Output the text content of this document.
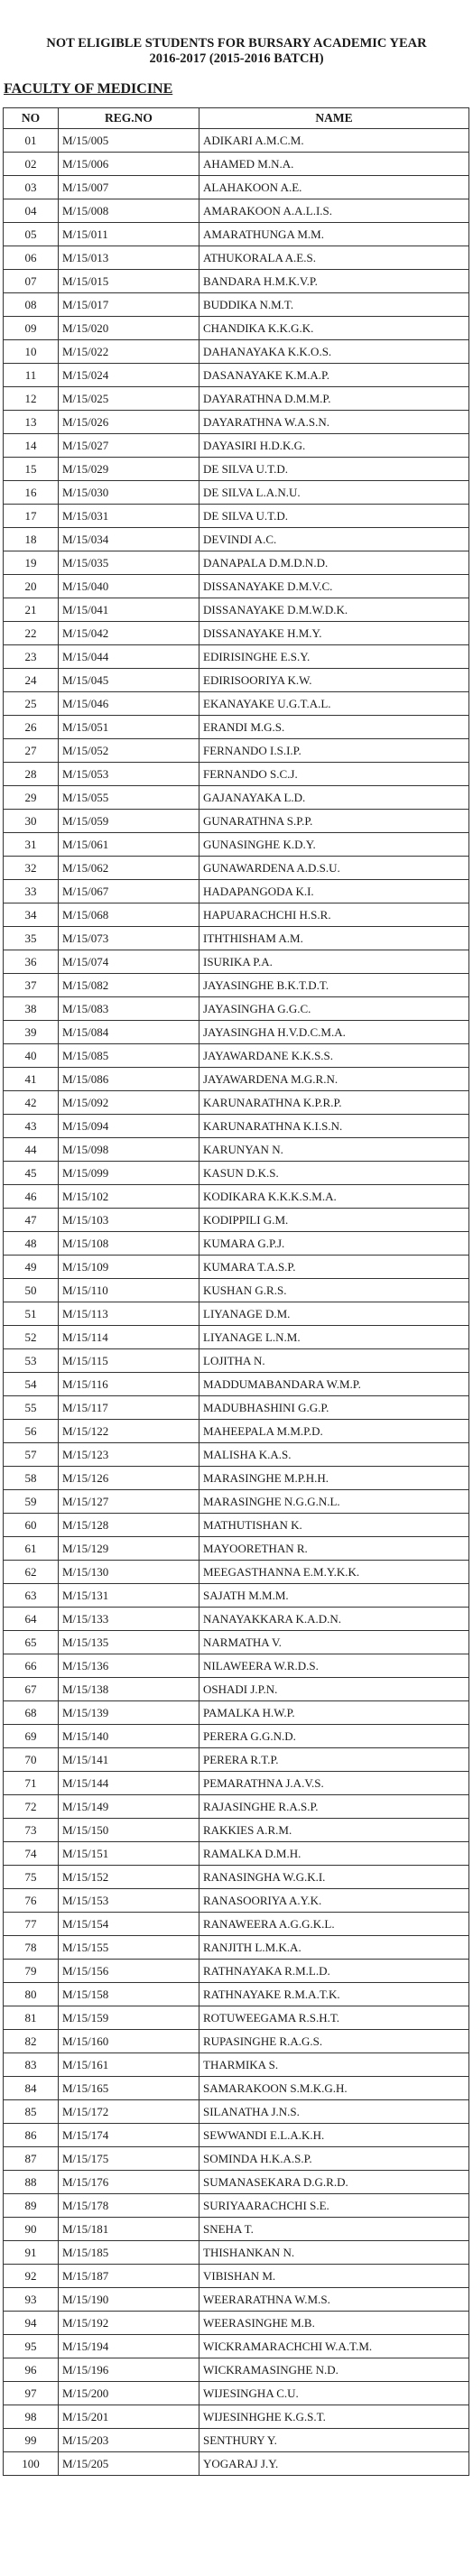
NOT ELIGIBLE STUDENTS FOR BURSARY ACADEMIC YEAR
2016-2017 (2015-2016 BATCH)
FACULTY OF MEDICINE
NO	REG.NO	NAME
01	M/15/005	ADIKARI A.M.C.M.
02	M/15/006	AHAMED M.N.A.
03	M/15/007	ALAHAKOON A.E.
04	M/15/008	AMARAKOON A.A.L.I.S.
05	M/15/011	AMARATHUNGA M.M.
06	M/15/013	ATHUKORALA A.E.S.
07	M/15/015	BANDARA H.M.K.V.P.
08	M/15/017	BUDDIKA N.M.T.
09	M/15/020	CHANDIKA K.K.G.K.
10	M/15/022	DAHANAYAKA K.K.O.S.
11	M/15/024	DASANAYAKE K.M.A.P.
12	M/15/025	DAYARATHNA D.M.M.P.
13	M/15/026	DAYARATHNA W.A.S.N.
14	M/15/027	DAYASIRI H.D.K.G.
15	M/15/029	DE SILVA U.T.D.
16	M/15/030	DE SILVA L.A.N.U.
17	M/15/031	DE SILVA U.T.D.
18	M/15/034	DEVINDI A.C.
19	M/15/035	DANAPALA D.M.D.N.D.
20	M/15/040	DISSANAYAKE D.M.V.C.
21	M/15/041	DISSANAYAKE D.M.W.D.K.
22	M/15/042	DISSANAYAKE H.M.Y.
23	M/15/044	EDIRISINGHE E.S.Y.
24	M/15/045	EDIRISOORIYA K.W.
25	M/15/046	EKANAYAKE U.G.T.A.L.
26	M/15/051	ERANDI M.G.S.
27	M/15/052	FERNANDO I.S.I.P.
28	M/15/053	FERNANDO S.C.J.
29	M/15/055	GAJANAYAKA L.D.
30	M/15/059	GUNARATHNA S.P.P.
31	M/15/061	GUNASINGHE K.D.Y.
32	M/15/062	GUNAWARDENA A.D.S.U.
33	M/15/067	HADAPANGODA K.I.
34	M/15/068	HAPUARACHCHI H.S.R.
35	M/15/073	ITHTHISHAM A.M.
36	M/15/074	ISURIKA P.A.
37	M/15/082	JAYASINGHE B.K.T.D.T.
38	M/15/083	JAYASINGHA G.G.C.
39	M/15/084	JAYASINGHA H.V.D.C.M.A.
40	M/15/085	JAYAWARDANE K.K.S.S.
41	M/15/086	JAYAWARDENA M.G.R.N.
42	M/15/092	KARUNARATHNA K.P.R.P.
43	M/15/094	KARUNARATHNA K.I.S.N.
44	M/15/098	KARUNYAN N.
45	M/15/099	KASUN D.K.S.
46	M/15/102	KODIKARA K.K.K.S.M.A.
47	M/15/103	KODIPPILI G.M.
48	M/15/108	KUMARA G.P.J.
49	M/15/109	KUMARA T.A.S.P.
50	M/15/110	KUSHAN G.R.S.
51	M/15/113	LIYANAGE D.M.
52	M/15/114	LIYANAGE L.N.M.
53	M/15/115	LOJITHA N.
54	M/15/116	MADDUMABANDARA W.M.P.
55	M/15/117	MADUBHASHINI G.G.P.
56	M/15/122	MAHEEPALA M.M.P.D.
57	M/15/123	MALISHA K.A.S.
58	M/15/126	MARASINGHE M.P.H.H.
59	M/15/127	MARASINGHE N.G.G.N.L.
60	M/15/128	MATHUTISHAN K.
61	M/15/129	MAYOORETHAN R.
62	M/15/130	MEEGASTHANNA E.M.Y.K.K.
63	M/15/131	SAJATH M.M.M.
64	M/15/133	NANAYAKKARA K.A.D.N.
65	M/15/135	NARMATHA V.
66	M/15/136	NILAWEERA W.R.D.S.
67	M/15/138	OSHADI J.P.N.
68	M/15/139	PAMALKA H.W.P.
69	M/15/140	PERERA G.G.N.D.
70	M/15/141	PERERA R.T.P.
71	M/15/144	PEMARATHNA J.A.V.S.
72	M/15/149	RAJASINGHE R.A.S.P.
73	M/15/150	RAKKIES A.R.M.
74	M/15/151	RAMALKA D.M.H.
75	M/15/152	RANASINGHA W.G.K.I.
76	M/15/153	RANASOORIYA A.Y.K.
77	M/15/154	RANAWEERA A.G.G.K.L.
78	M/15/155	RANJITH L.M.K.A.
79	M/15/156	RATHNAYAKA R.M.L.D.
80	M/15/158	RATHNAYAKE R.M.A.T.K.
81	M/15/159	ROTUWEEGAMA R.S.H.T.
82	M/15/160	RUPASINGHE R.A.G.S.
83	M/15/161	THARMIKA S.
84	M/15/165	SAMARAKOON S.M.K.G.H.
85	M/15/172	SILANATHA J.N.S.
86	M/15/174	SEWWANDI E.L.A.K.H.
87	M/15/175	SOMINDA H.K.A.S.P.
88	M/15/176	SUMANASEKARA D.G.R.D.
89	M/15/178	SURIYAARACHCHI S.E.
90	M/15/181	SNEHA T.
91	M/15/185	THISHANKAN N.
92	M/15/187	VIBISHAN M.
93	M/15/190	WEERARATHNA W.M.S.
94	M/15/192	WEERASINGHE M.B.
95	M/15/194	WICKRAMARACHCHI W.A.T.M.
96	M/15/196	WICKRAMASINGHE N.D.
97	M/15/200	WIJESINGHA C.U.
98	M/15/201	WIJESINHGHE K.G.S.T.
99	M/15/203	SENTHURY Y.
100	M/15/205	YOGARAJ J.Y.
